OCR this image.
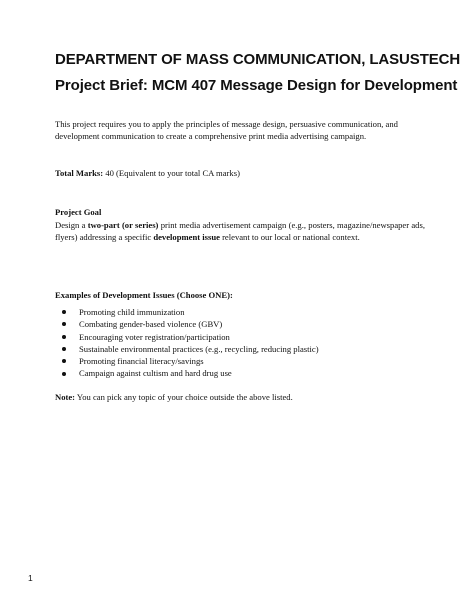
DEPARTMENT OF MASS COMMUNICATION, LASUSTECH
Project Brief: MCM 407 Message Design for Development

This project requires you to apply the principles of message design, persuasive communication, and development communication to create a comprehensive print media advertising campaign.

Total Marks: 40 (Equivalent to your total CA marks)

Project Goal

Design a two-part (or series) print media advertisement campaign (e.g., posters, magazine/newspaper ads, flyers) addressing a specific development issue relevant to our local or national context.

Examples of Development Issues (Choose ONE):

Promoting child immunization
Combating gender-based violence (GBV)
Encouraging voter registration/participation
Sustainable environmental practices (e.g., recycling, reducing plastic)
Promoting financial literacy/savings
Campaign against cultism and hard drug use

Note: You can pick any topic of your choice outside the above listed.

1
